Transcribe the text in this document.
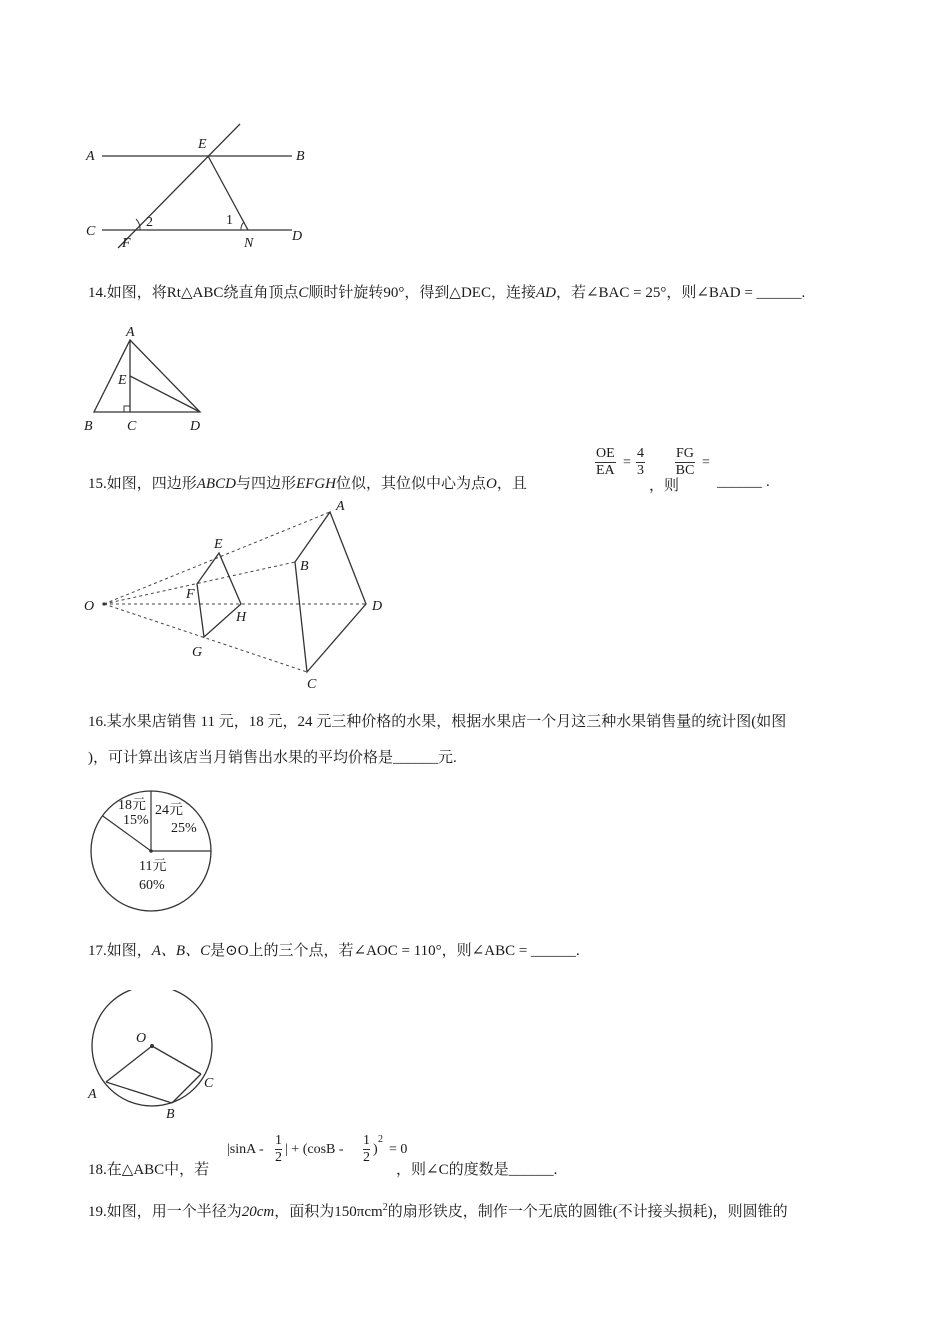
A	B
E
C	D
F	N
2	1
14.如图，将Rt△ABC绕直角顶点C顺时针旋转90°，得到△DEC，连接AD，若∠BAC = 25°，则∠BAD = ______.
A
B C	D
E
15.如图，四边形ABCD与四边形EFGH位似，其位似中心为点O，且
$\frac{OE}{EA} = \frac{4}{3}$
，则
$\frac{FG}{BC}$ =
______ .
O
A
B
C
D
E
F
G
H
16.某水果店销售 11 元，18 元，24 元三种价格的水果，根据水果店一个月这三种水果销售量的统计图(如图
)，可计算出该店当月销售出水果的平均价格是______元.
18元
15%
24元
25%
11元
60%
17.如图，A、B、C是⊙O上的三个点，若∠AOC = 110°，则∠ABC = ______.
O
A
B
C
18.在△ABC中，若
|sinA -
1
2
| + (cosB -
1
2
)
2
= 0
，则∠C的度数是______.
19.如图，用一个半径为20cm，面积为150πcm$^2$的扇形铁皮，制作一个无底的圆锥(不计接头损耗)，则圆锥的
